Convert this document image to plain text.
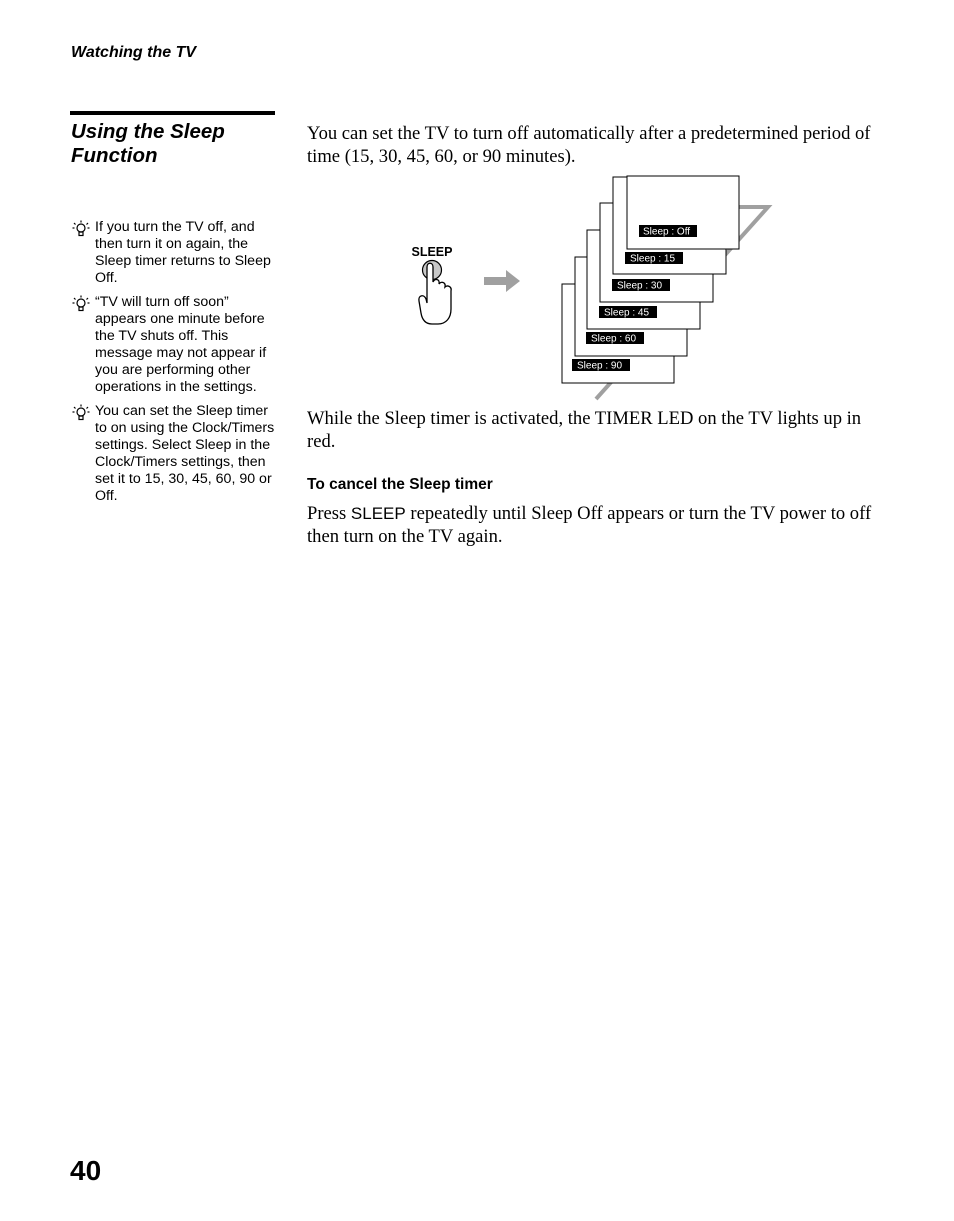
Watching the TV
Using the Sleep Function
If you turn the TV off, and then turn it on again, the Sleep timer returns to Sleep Off.
“TV will turn off soon” appears one minute before the TV shuts off. This message may not appear if you are performing other operations in the settings.
You can set the Sleep timer to on using the Clock/Timers settings. Select Sleep in the Clock/Timers settings, then set it to 15, 30, 45, 60, 90 or Off.
You can set the TV to turn off automatically after a predetermined period of time (15, 30, 45, 60, or 90 minutes).
SLEEP
Sleep : 90
Sleep : 60
Sleep : 45
Sleep : 30
Sleep : 15
Sleep : Off
While the Sleep timer is activated, the TIMER LED on the TV lights up in red.
To cancel the Sleep timer
Press SLEEP repeatedly until Sleep Off appears or turn the TV power to off then turn on the TV again.
40
